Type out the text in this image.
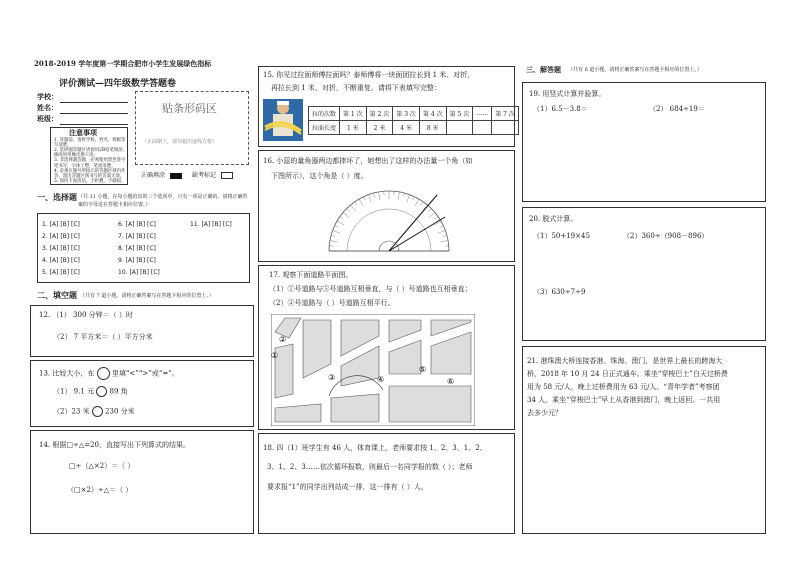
2018-2019 学年度第一学期合肥市小学生发展绿色指标
评价测试—四年级数学答题卷
学校：
姓名：
班级：
贴条形码区
（正面朝上，请勿超出虚线方框）
注意事项
1. 答题前，请将学校、姓名、班级等
写清楚。
2. 选择题答题区请使用2B铅笔填涂，
修改时用橡皮擦干净。
3. 非选择题答题，必须使用黑色签字
笔书写，字体工整，笔迹清楚。
4. 必须在题号所指示的答题区域内作
答，超出答题区域书写的答案无效。
5. 保持卡面清洁，不折叠，不破损。
正确填涂	缺考标记
一、选择题 （共 11 小题，在每小题给出的三个选项中，只有一项是正确的，请将正确答案的字母选在答题卡相应位置。）
1. [A] [B] [C]	6. [A] [B] [C]	11. [A] [B] [C]
2. [A] [B] [C]	7. [A] [B] [C]
3. [A] [B] [C]	8. [A] [B] [C]
4. [A] [B] [C]	9. [A] [B] [C]
5. [A] [B] [C]	10. [A] [B] [C]
二、填空题 （共有 7 道小题，请将正确答案写在答题卡相应的位置上。）
12. （1） 300 分钟＝（ ）时
（2） 7 平方米＝（ ）平方分米
13. 比较大小，在 里填“<”“>”或“=”。
（1） 9.1 元 89 角
（2）23 米 230 分米
14. 根据□÷△=20，直接写出下列算式的结果。
□÷（△×2）＝（ ）
（□×2）÷△＝（ ）
15. 你见过拉面师傅拉面吗？泰师傅将一块面团拉长到 1 米、对折，
再拉长到 1 米、对折，不断重复。请将下表填写完整：
拉的次数	第 1 次	第 2 次	第 3 次	第 4 次	第 5 次	……	第 7 次
拉面长度	1 米	2 米	4 米	8 米			
16. 小蕊的量角器两边都摔坏了，她想出了这样的办法量一个角（如
下图所示），这个角是（ ）度。
17. 观察下面道路平面图。
（1）①号道路与⑤号道路互相垂直，与（ ）号道路也互相垂直；
（2）④号道路与（ ）号道路互相平行。
②
①
③	④
⑤
⑥
18. 四（1）班学生有 46 人，体育课上，老师要求按 1、2、3、1、2、
3、1、2、3……依次循环报数，则最后一名同学报的数（ ）；老师
要求报“1”的同学出列站成一排，这一排有（ ）人。
三、解答题 （共有 6 道小题，请将正确答案写在答题卡相应的位置上。）
19. 用竖式计算并验算。
（1）6.5－3.8＝	（2） 684÷19＝
20. 脱式计算。
（1）50+19×45	（2）360÷（908－896）
（3）630÷7÷9
21. 港珠澳大桥连接香港、珠海、澳门，是世界上最长的跨海大
桥，2018 年 10 月 24 日正式通车。乘坐“穿梭巴士”白天过桥费
用为 58 元/人，晚上过桥费用为 63 元/人。“青年学者”考察团
34 人，乘坐“穿梭巴士”早上从香港到澳门，晚上返回。一共用
去多少元？
